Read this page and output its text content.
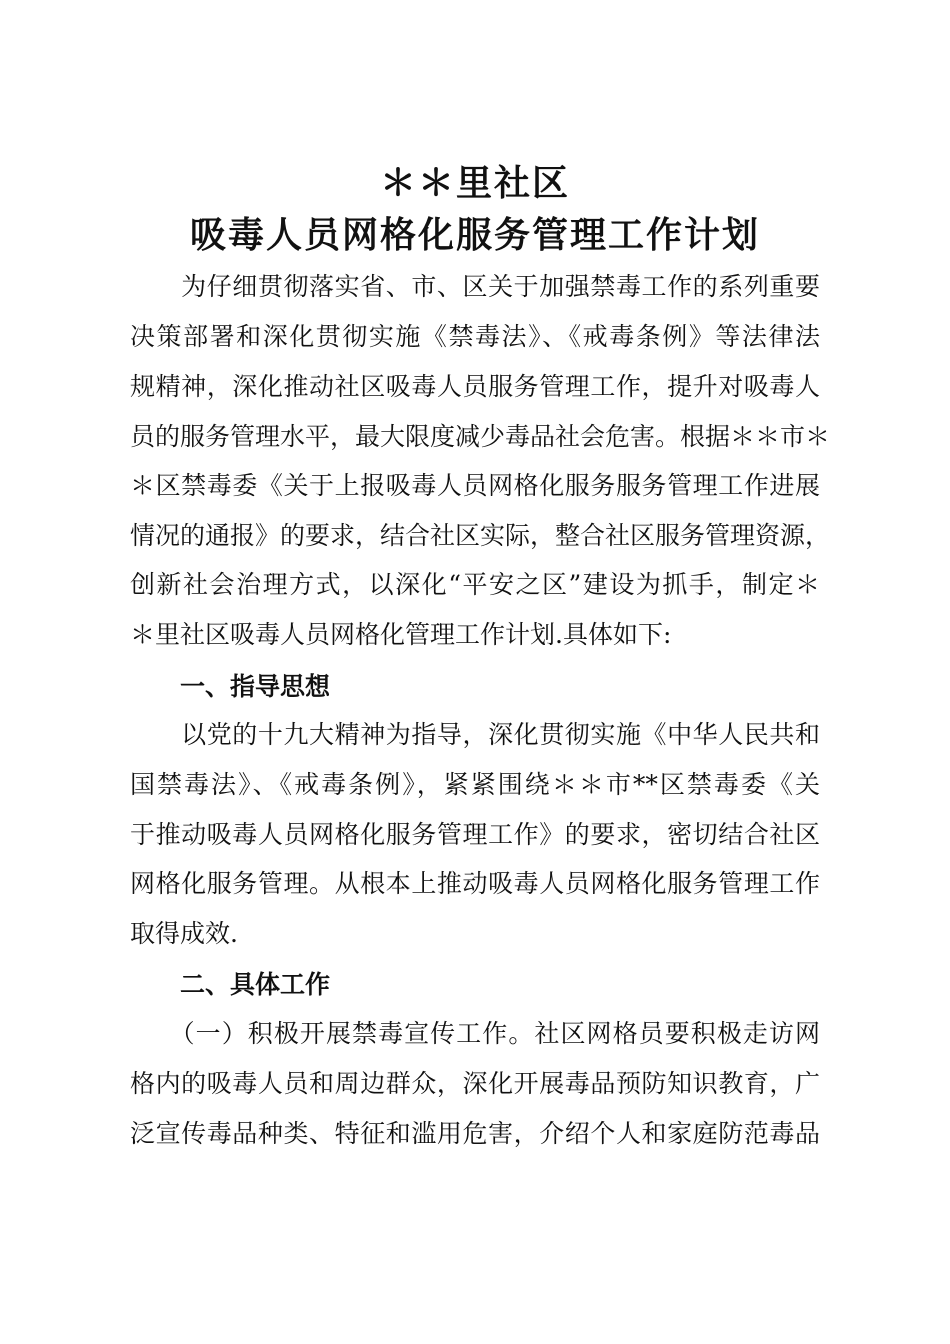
＊＊里社区
吸毒人员网格化服务管理工作计划
　　为仔细贯彻落实省、市、区关于加强禁毒工作的系列重要
决策部署和深化贯彻实施《禁毒法》、《戒毒条例》等法律法
规精神，深化推动社区吸毒人员服务管理工作，提升对吸毒人
员的服务管理水平，最大限度减少毒品社会危害。根据＊＊市＊
＊区禁毒委《关于上报吸毒人员网格化服务服务管理工作进展
情况的通报》的要求，结合社区实际，整合社区服务管理资源，
创新社会治理方式，以深化“平安之区”建设为抓手，制定＊
＊里社区吸毒人员网格化管理工作计划.具体如下:
一、指导思想
　　以党的十九大精神为指导，深化贯彻实施《中华人民共和
国禁毒法》、《戒毒条例》，紧紧围绕＊＊市**区禁毒委《关
于推动吸毒人员网格化服务管理工作》的要求，密切结合社区
网格化服务管理。从根本上推动吸毒人员网格化服务管理工作
取得成效.
二、具体工作
　　（一）积极开展禁毒宣传工作。社区网格员要积极走访网
格内的吸毒人员和周边群众，深化开展毒品预防知识教育，广
泛宣传毒品种类、特征和滥用危害，介绍个人和家庭防范毒品
